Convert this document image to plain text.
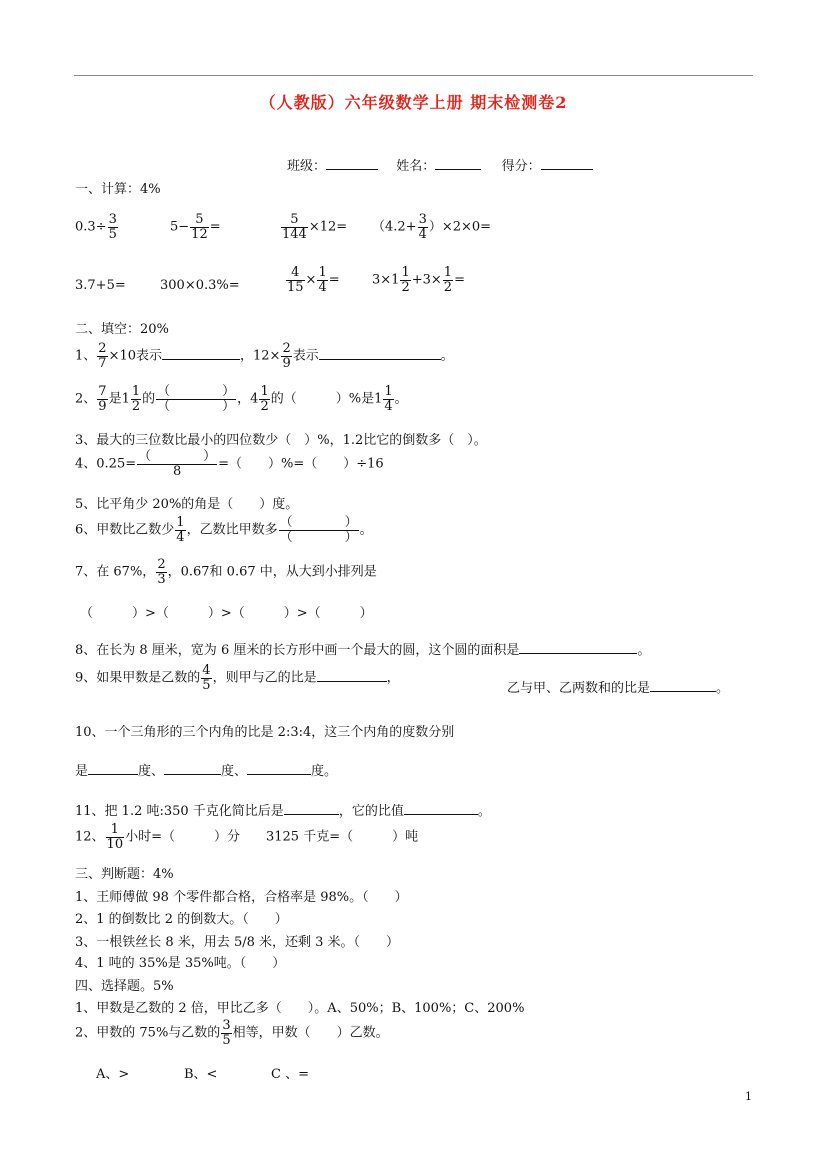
（人教版）六年级数学上册 期末检测卷2
班级：	姓名：	得分：
一、计算：4%
$0.3\div \frac{3}{5}$	$5- \frac{5}{12}$ =	$\frac{5}{144} \times 12= (4.2+ \frac{3}{4} )\times 2\times 0=$
3.7+5=	300×0.3%=	$\frac{4}{15} \times \frac{1}{4} = 3\times 1 \frac{1}{2} +3\times \frac{1}{2}$ =
二、填空：20%
1、 $\frac{2}{7} \times 10$表示	，$12\times \frac{2}{9}$ 表示	。
2、 $\frac{7}{9}$ 是$1 \frac{1}{2}$ 的 $\frac{( )}{( )}$ ，$4 \frac{1}{2}$ 的（　　　）%是$1 \frac{1}{4}$ 。
3、最大的三位数比最小的四位数少（　）%，1.2比它的倒数多（　）。
4、$0.25= \frac{( )}{8}$ =（　　）%=（　　）÷16
5、比平角少 20%的角是（　　）度。
6、甲数比乙数少 $\frac{1}{4}$ ，乙数比甲数多 $\frac{( )}{( )}$ 。
7、在 67%， $\frac{2}{3}$ ，0.67和 0.67 中，从大到小排列是
（　　　）>（　　　）>（　　　）>（　　　）
8、在长为 8 厘米，宽为 6 厘米的长方形中画一个最大的圆，这个圆的面积是	。
9、如果甲数是乙数的 $\frac{4}{5}$ ，则甲与乙的比是	，
乙与甲、乙两数和的比是	。
10、一个三角形的三个内角的比是 2:3:4，这三个内角的度数分别
是	度、	度、	度。
11、把 1.2 吨:350 千克化简比后是	，它的比值	。
12、 $\frac{1}{10}$ 小时=（　　　）分　　3125 千克=（　　　）吨
三、判断题：4%
1、王师傅做 98 个零件都合格，合格率是 98%。（　　）
2、1 的倒数比 2 的倒数大。（　　）
3、一根铁丝长 8 米，用去 5/8 米，还剩 3 米。（　　）
4、1 吨的 35%是 35%吨。（　　）
四、选择题。5%
1、甲数是乙数的 2 倍，甲比乙多（　　）。A、50%；B、100%；C、200%
2、甲数的 75%与乙数的 $\frac{3}{5}$ 相等，甲数（　　）乙数。
A、>	B、<	C 、=
1
